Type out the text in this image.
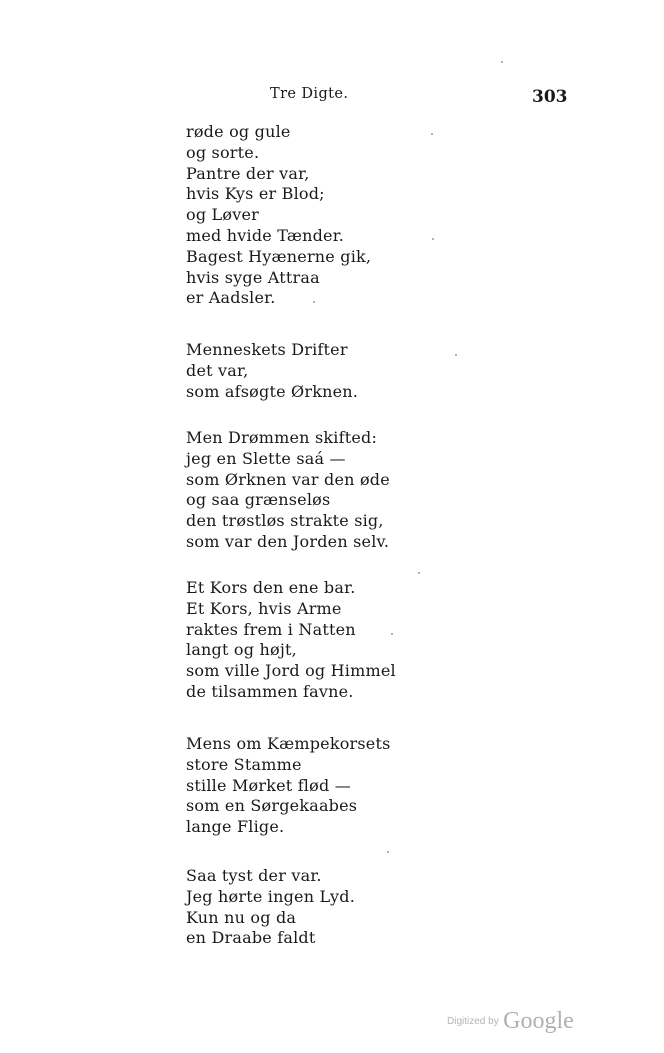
Tre Digte.	303
røde og gule
og sorte.
Pantre der var,
hvis Kys er Blod;
og Løver
med hvide Tænder.
Bagest Hyænerne gik,
hvis syge Attraa
er Aadsler.
Menneskets Drifter
det var,
som afsøgte Ørknen.
Men Drømmen skifted:
jeg en Slette saá —
som Ørknen var den øde
og saa grænseløs
den trøstløs strakte sig,
som var den Jorden selv.
Et Kors den ene bar.
Et Kors, hvis Arme
raktes frem i Natten
langt og højt,
som ville Jord og Himmel
de tilsammen favne.
Mens om Kæmpekorsets
store Stamme
stille Mørket flød —
som en Sørgekaabes
lange Flige.
Saa tyst der var.
Jeg hørte ingen Lyd.
Kun nu og da
en Draabe faldt
Digitized by Google
